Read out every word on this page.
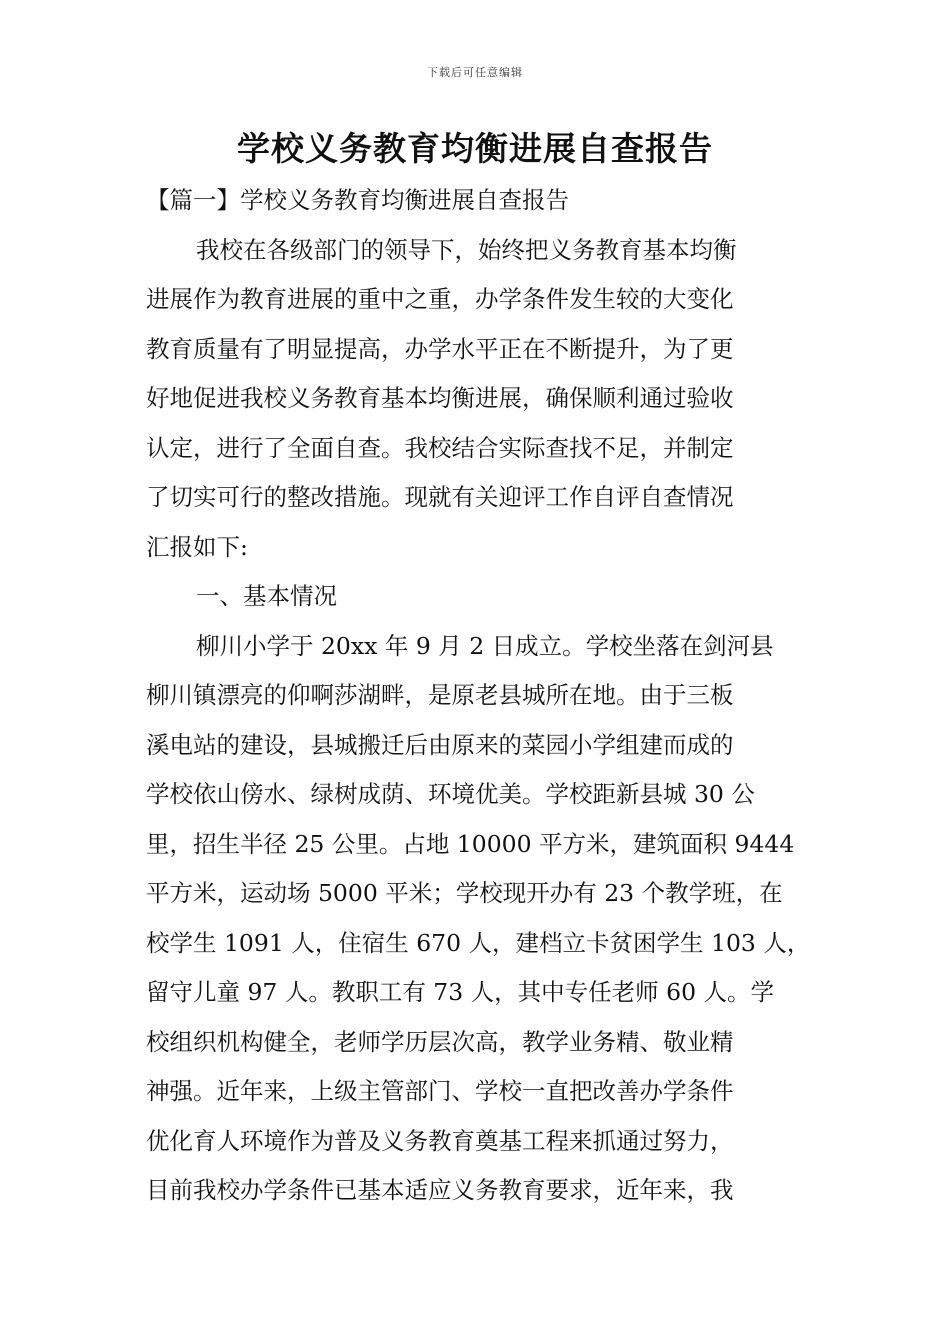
下载后可任意编辑
学校义务教育均衡进展自查报告
【篇一】学校义务教育均衡进展自查报告
我校在各级部门的领导下，始终把义务教育基本均衡
进展作为教育进展的重中之重，办学条件发生较的大变化
教育质量有了明显提高，办学水平正在不断提升，为了更
好地促进我校义务教育基本均衡进展，确保顺利通过验收
认定，进行了全面自查。我校结合实际查找不足，并制定
了切实可行的整改措施。现就有关迎评工作自评自查情况
汇报如下:
一、基本情况
柳川小学于 20xx 年 9 月 2 日成立。学校坐落在剑河县
柳川镇漂亮的仰啊莎湖畔，是原老县城所在地。由于三板
溪电站的建设，县城搬迁后由原来的菜园小学组建而成的
学校依山傍水、绿树成荫、环境优美。学校距新县城 30 公
里，招生半径 25 公里。占地 10000 平方米，建筑面积 9444
平方米，运动场 5000 平米；学校现开办有 23 个教学班，在
校学生 1091 人，住宿生 670 人，建档立卡贫困学生 103 人，
留守儿童 97 人。教职工有 73 人，其中专任老师 60 人。学
校组织机构健全，老师学历层次高，教学业务精、敬业精
神强。近年来，上级主管部门、学校一直把改善办学条件
优化育人环境作为普及义务教育奠基工程来抓通过努力，
目前我校办学条件已基本适应义务教育要求，近年来，我
